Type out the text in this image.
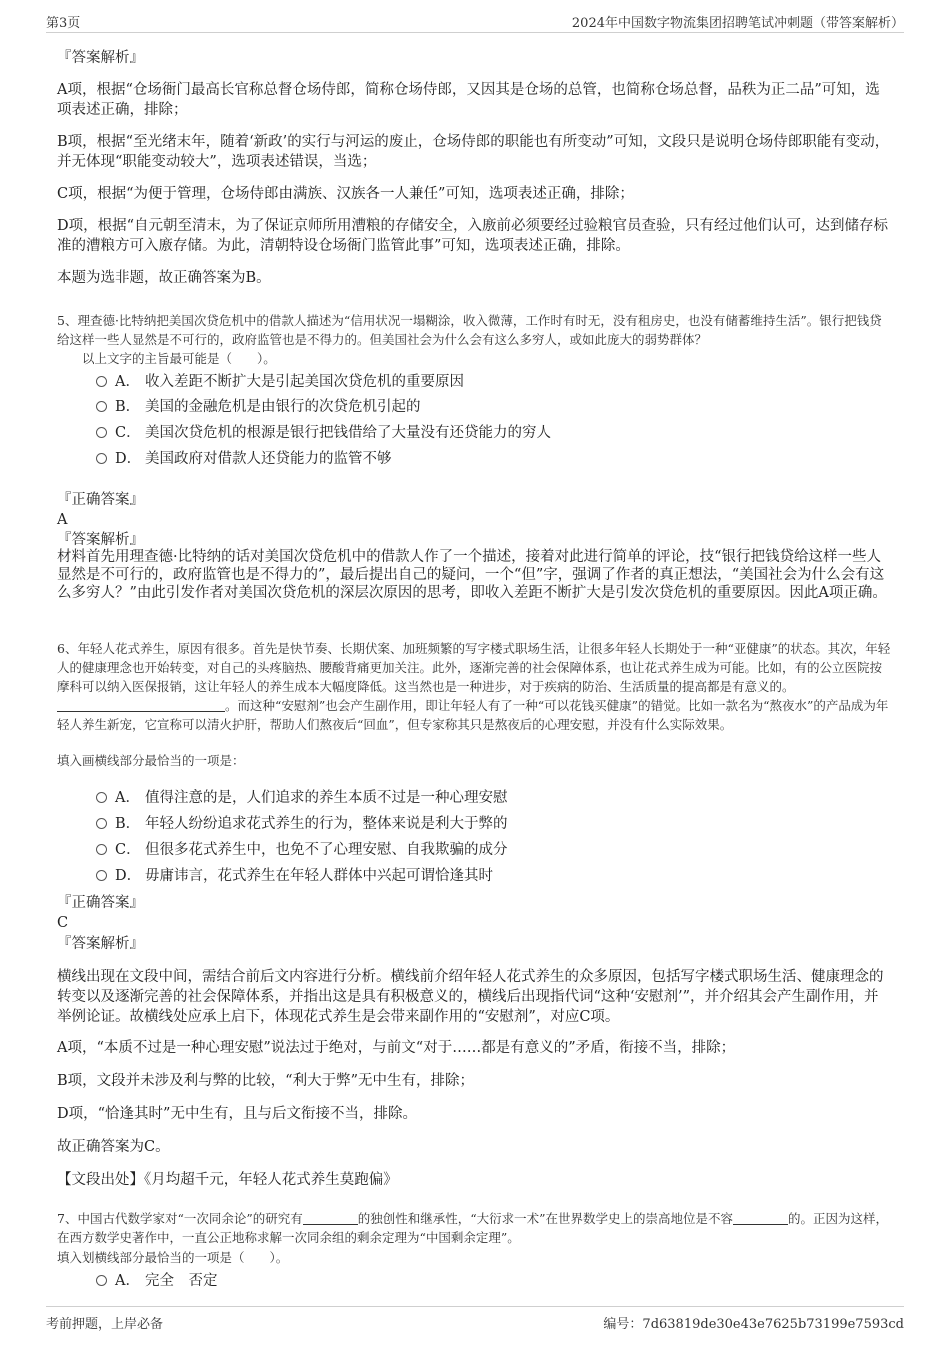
第3页	2024年中国数字物流集团招聘笔试冲刺题（带答案解析）

『答案解析』

A项，根据“仓场衙门最高长官称总督仓场侍郎，简称仓场侍郎，又因其是仓场的总管，也简称仓场总督，品秩为正二品”可知，选项表述正确，排除；

B项，根据“至光绪末年，随着‘新政’的实行与河运的废止，仓场侍郎的职能也有所变动”可知，文段只是说明仓场侍郎职能有变动，并无体现“职能变动较大”，选项表述错误，当选；

C项，根据“为便于管理，仓场侍郎由满族、汉族各一人兼任”可知，选项表述正确，排除；

D项，根据“自元朝至清末，为了保证京师所用漕粮的存储安全，入廒前必须要经过验粮官员查验，只有经过他们认可，达到储存标准的漕粮方可入廒存储。为此，清朝特设仓场衙门监管此事”可知，选项表述正确，排除。

本题为选非题，故正确答案为B。

5、理查德·比特纳把美国次贷危机中的借款人描述为“信用状况一塌糊涂，收入微薄，工作时有时无，没有租房史，也没有储蓄维持生活”。银行把钱贷给这样一些人显然是不可行的，政府监管也是不得力的。但美国社会为什么会有这么多穷人，或如此庞大的弱势群体？

以上文字的主旨最可能是（　　）。

A． 收入差距不断扩大是引起美国次贷危机的重要原因
B． 美国的金融危机是由银行的次贷危机引起的
C． 美国次贷危机的根源是银行把钱借给了大量没有还贷能力的穷人
D． 美国政府对借款人还贷能力的监管不够

『正确答案』

A

『答案解析』

材料首先用理查德·比特纳的话对美国次贷危机中的借款人作了一个描述，接着对此进行简单的评论，技“银行把钱贷给这样一些人显然是不可行的，政府监管也是不得力的”，最后提出自己的疑问，一个“但”字，强调了作者的真正想法，“美国社会为什么会有这么多穷人？”由此引发作者对美国次贷危机的深层次原因的思考，即收入差距不断扩大是引发次贷危机的重要原因。因此A项正确。

6、年轻人花式养生，原因有很多。首先是快节奏、长期伏案、加班频繁的写字楼式职场生活，让很多年轻人长期处于一种“亚健康”的状态。其次，年轻人的健康理念也开始转变，对自己的头疼脑热、腰酸背痛更加关注。此外，逐渐完善的社会保障体系，也让花式养生成为可能。比如，有的公立医院按摩科可以纳入医保报销，这让年轻人的养生成本大幅度降低。这当然也是一种进步，对于疾病的防治、生活质量的提高都是有意义的。。而这种“安慰剂”也会产生副作用，即让年轻人有了一种“可以花钱买健康”的错觉。比如一款名为“熬夜水”的产品成为年轻人养生新宠，它宣称可以清火护肝，帮助人们熬夜后“回血”，但专家称其只是熬夜后的心理安慰，并没有什么实际效果。

填入画横线部分最恰当的一项是：

A． 值得注意的是，人们追求的养生本质不过是一种心理安慰
B． 年轻人纷纷追求花式养生的行为，整体来说是利大于弊的
C． 但很多花式养生中，也免不了心理安慰、自我欺骗的成分
D． 毋庸讳言，花式养生在年轻人群体中兴起可谓恰逢其时

『正确答案』

C

『答案解析』

横线出现在文段中间，需结合前后文内容进行分析。横线前介绍年轻人花式养生的众多原因，包括写字楼式职场生活、健康理念的转变以及逐渐完善的社会保障体系，并指出这是具有积极意义的，横线后出现指代词“这种‘安慰剂’”，并介绍其会产生副作用，并举例论证。故横线处应承上启下，体现花式养生是会带来副作用的“安慰剂”，对应C项。

A项，“本质不过是一种心理安慰”说法过于绝对，与前文“对于……都是有意义的”矛盾，衔接不当，排除；

B项，文段并未涉及利与弊的比较，“利大于弊”无中生有，排除；

D项，“恰逢其时”无中生有，且与后文衔接不当，排除。

故正确答案为C。

【文段出处】《月均超千元，年轻人花式养生莫跑偏》

7、中国古代数学家对“一次同余论”的研究有	的独创性和继承性，“大衍求一术”在世界数学史上的崇高地位是不容	的。正因为这样，在西方数学史著作中，一直公正地称求解一次同余组的剩余定理为“中国剩余定理”。

填入划横线部分最恰当的一项是（　　）。

A． 完全　否定
考前押题，上岸必备	编号：7d63819de30e43e7625b73199e7593cd
